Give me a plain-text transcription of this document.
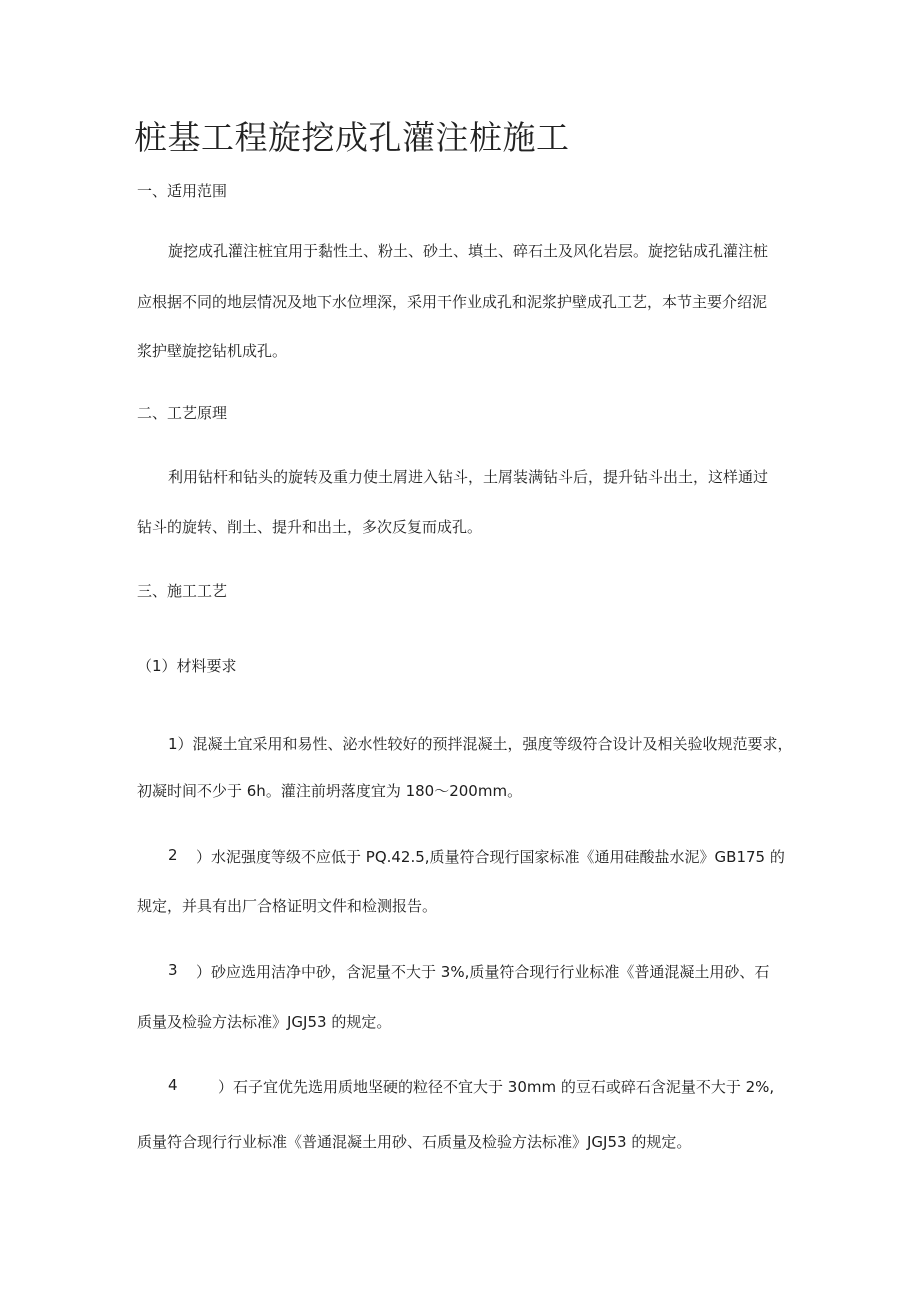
桩基工程旋挖成孔灌注桩施工
一、适用范围
旋挖成孔灌注桩宜用于黏性土、粉土、砂土、填土、碎石土及风化岩层。旋挖钻成孔灌注桩
应根据不同的地层情况及地下水位埋深，采用干作业成孔和泥浆护壁成孔工艺，本节主要介绍泥
浆护壁旋挖钻机成孔。
二、工艺原理
利用钻杆和钻头的旋转及重力使土屑进入钻斗，土屑装满钻斗后，提升钻斗出土，这样通过
钻斗的旋转、削土、提升和出土，多次反复而成孔。
三、施工工艺
（1）材料要求
1）混凝土宜采用和易性、泌水性较好的预拌混凝土，强度等级符合设计及相关验收规范要求，
初凝时间不少于 6h。灌注前坍落度宜为 180～200mm。
2 ）水泥强度等级不应低于 PQ.42.5,质量符合现行国家标准《通用硅酸盐水泥》GB175 的
规定，并具有出厂合格证明文件和检测报告。
3 ）砂应选用洁净中砂，含泥量不大于 3%,质量符合现行行业标准《普通混凝土用砂、石
质量及检验方法标准》JGJ53 的规定。
4	）石子宜优先选用质地坚硬的粒径不宜大于 30mm 的豆石或碎石含泥量不大于 2%,
质量符合现行行业标准《普通混凝土用砂、石质量及检验方法标准》JGJ53 的规定。
